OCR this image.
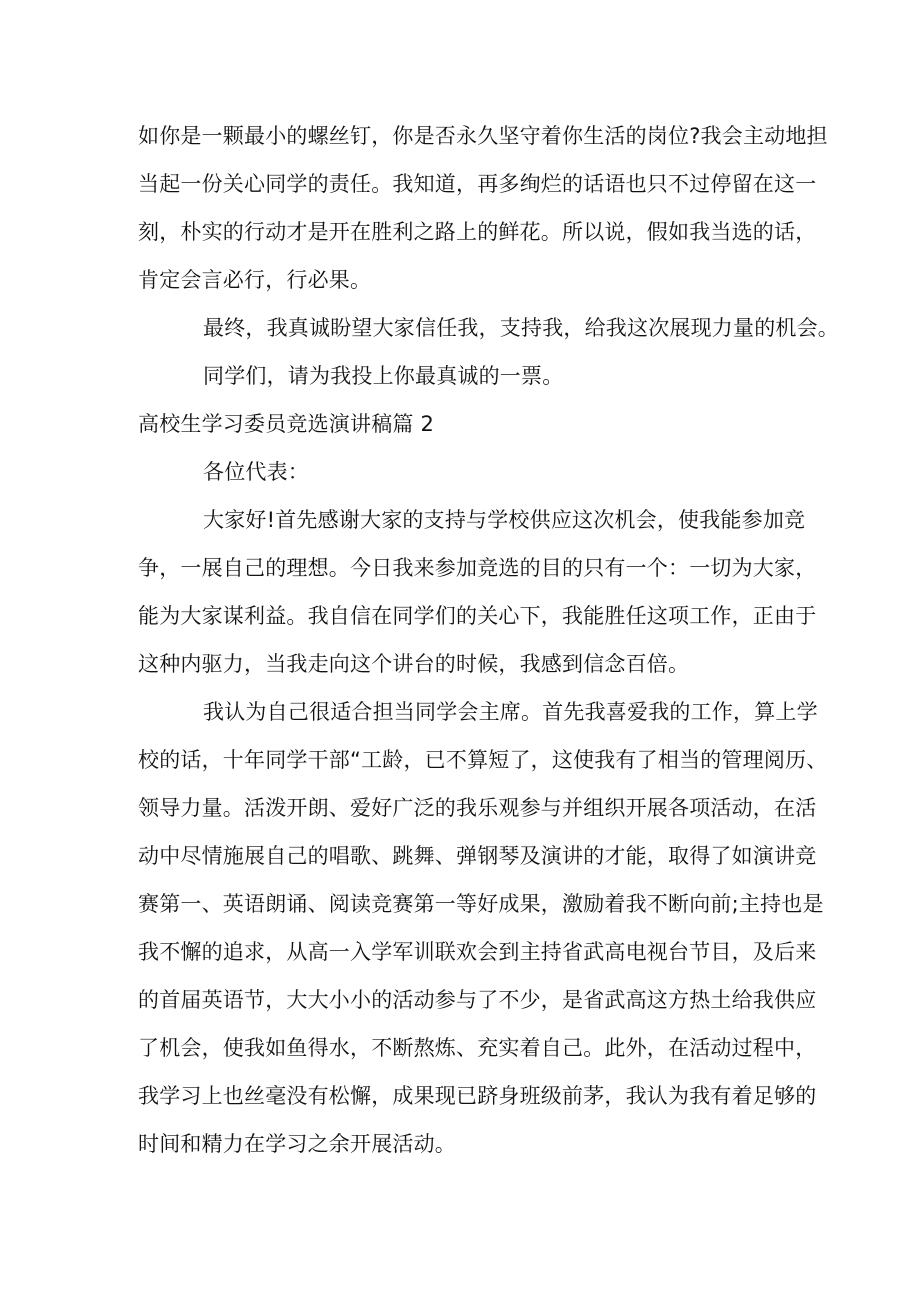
如你是一颗最小的螺丝钉，你是否永久坚守着你生活的岗位?我会主动地担
当起一份关心同学的责任。我知道，再多绚烂的话语也只不过停留在这一
刻，朴实的行动才是开在胜利之路上的鲜花。所以说，假如我当选的话，
肯定会言必行，行必果。
最终，我真诚盼望大家信任我，支持我，给我这次展现力量的机会。
同学们，请为我投上你最真诚的一票。
高校生学习委员竞选演讲稿篇 2
各位代表：
大家好!首先感谢大家的支持与学校供应这次机会，使我能参加竞
争，一展自己的理想。今日我来参加竞选的目的只有一个：一切为大家，
能为大家谋利益。我自信在同学们的关心下，我能胜任这项工作，正由于
这种内驱力，当我走向这个讲台的时候，我感到信念百倍。
我认为自己很适合担当同学会主席。首先我喜爱我的工作，算上学
校的话，十年同学干部“工龄，已不算短了，这使我有了相当的管理阅历、
领导力量。活泼开朗、爱好广泛的我乐观参与并组织开展各项活动，在活
动中尽情施展自己的唱歌、跳舞、弹钢琴及演讲的才能，取得了如演讲竞
赛第一、英语朗诵、阅读竞赛第一等好成果，激励着我不断向前;主持也是
我不懈的追求，从高一入学军训联欢会到主持省武高电视台节目，及后来
的首届英语节，大大小小的活动参与了不少，是省武高这方热土给我供应
了机会，使我如鱼得水，不断熬炼、充实着自己。此外，在活动过程中，
我学习上也丝毫没有松懈，成果现已跻身班级前茅，我认为我有着足够的
时间和精力在学习之余开展活动。
